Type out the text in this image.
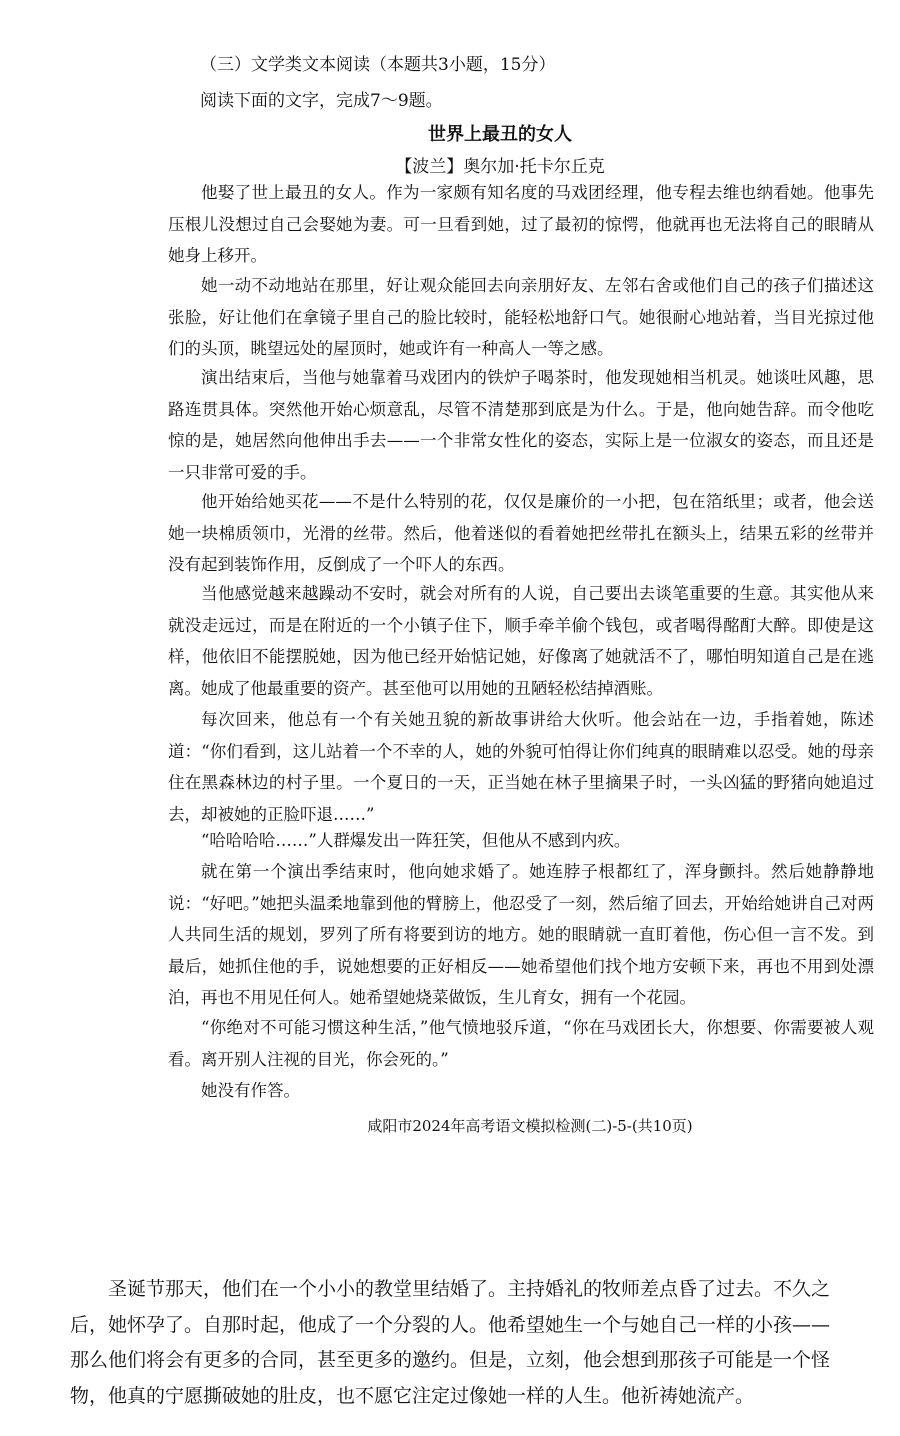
（三）文学类文本阅读（本题共3小题，15分）
阅读下面的文字，完成7～9题。
世界上最丑的女人
【波兰】奥尔加·托卡尔丘克

他娶了世上最丑的女人。作为一家颇有知名度的马戏团经理，他专程去维也纳看她。他事先压根儿没想过自己会娶她为妻。可一旦看到她，过了最初的惊愕，他就再也无法将自己的眼睛从她身上移开。

她一动不动地站在那里，好让观众能回去向亲朋好友、左邻右舍或他们自己的孩子们描述这张脸，好让他们在拿镜子里自己的脸比较时，能轻松地舒口气。她很耐心地站着，当目光掠过他们的头顶，眺望远处的屋顶时，她或许有一种高人一等之感。

演出结束后，当他与她靠着马戏团内的铁炉子喝茶时，他发现她相当机灵。她谈吐风趣，思路连贯具体。突然他开始心烦意乱，尽管不清楚那到底是为什么。于是，他向她告辞。而令他吃惊的是，她居然向他伸出手去——一个非常女性化的姿态，实际上是一位淑女的姿态，而且还是一只非常可爱的手。

他开始给她买花——不是什么特别的花，仅仅是廉价的一小把，包在箔纸里；或者，他会送她一块棉质领巾，光滑的丝带。然后，他着迷似的看着她把丝带扎在额头上，结果五彩的丝带并没有起到装饰作用，反倒成了一个吓人的东西。

当他感觉越来越躁动不安时，就会对所有的人说，自己要出去谈笔重要的生意。其实他从来就没走远过，而是在附近的一个小镇子住下，顺手牵羊偷个钱包，或者喝得酩酊大醉。即使是这样，他依旧不能摆脱她，因为他已经开始惦记她，好像离了她就活不了，哪怕明知道自己是在逃离。她成了他最重要的资产。甚至他可以用她的丑陋轻松结掉酒账。

每次回来，他总有一个有关她丑貌的新故事讲给大伙听。他会站在一边，手指着她，陈述道：“你们看到，这儿站着一个不幸的人，她的外貌可怕得让你们纯真的眼睛难以忍受。她的母亲住在黑森林边的村子里。一个夏日的一天，正当她在林子里摘果子时，一头凶猛的野猪向她追过去，却被她的正脸吓退……”

“哈哈哈哈……”人群爆发出一阵狂笑，但他从不感到内疚。

就在第一个演出季结束时，他向她求婚了。她连脖子根都红了，浑身颤抖。然后她静静地说：“好吧。”她把头温柔地靠到他的臂膀上，他忍受了一刻，然后缩了回去，开始给她讲自己对两人共同生活的规划，罗列了所有将要到访的地方。她的眼睛就一直盯着他，伤心但一言不发。到最后，她抓住他的手，说她想要的正好相反——她希望他们找个地方安顿下来，再也不用到处漂泊，再也不用见任何人。她希望她烧菜做饭，生儿育女，拥有一个花园。

“你绝对不可能习惯这种生活，”他气愤地驳斥道，“你在马戏团长大，你想要、你需要被人观看。离开别人注视的目光，你会死的。”

她没有作答。

咸阳市2024年高考语文模拟检测(二)-5-(共10页)

圣诞节那天，他们在一个小小的教堂里结婚了。主持婚礼的牧师差点昏了过去。不久之后，她怀孕了。自那时起，他成了一个分裂的人。他希望她生一个与她自己一样的小孩——那么他们将会有更多的合同，甚至更多的邀约。但是，立刻，他会想到那孩子可能是一个怪物，他真的宁愿撕破她的肚皮，也不愿它注定过像她一样的人生。他祈祷她流产。
